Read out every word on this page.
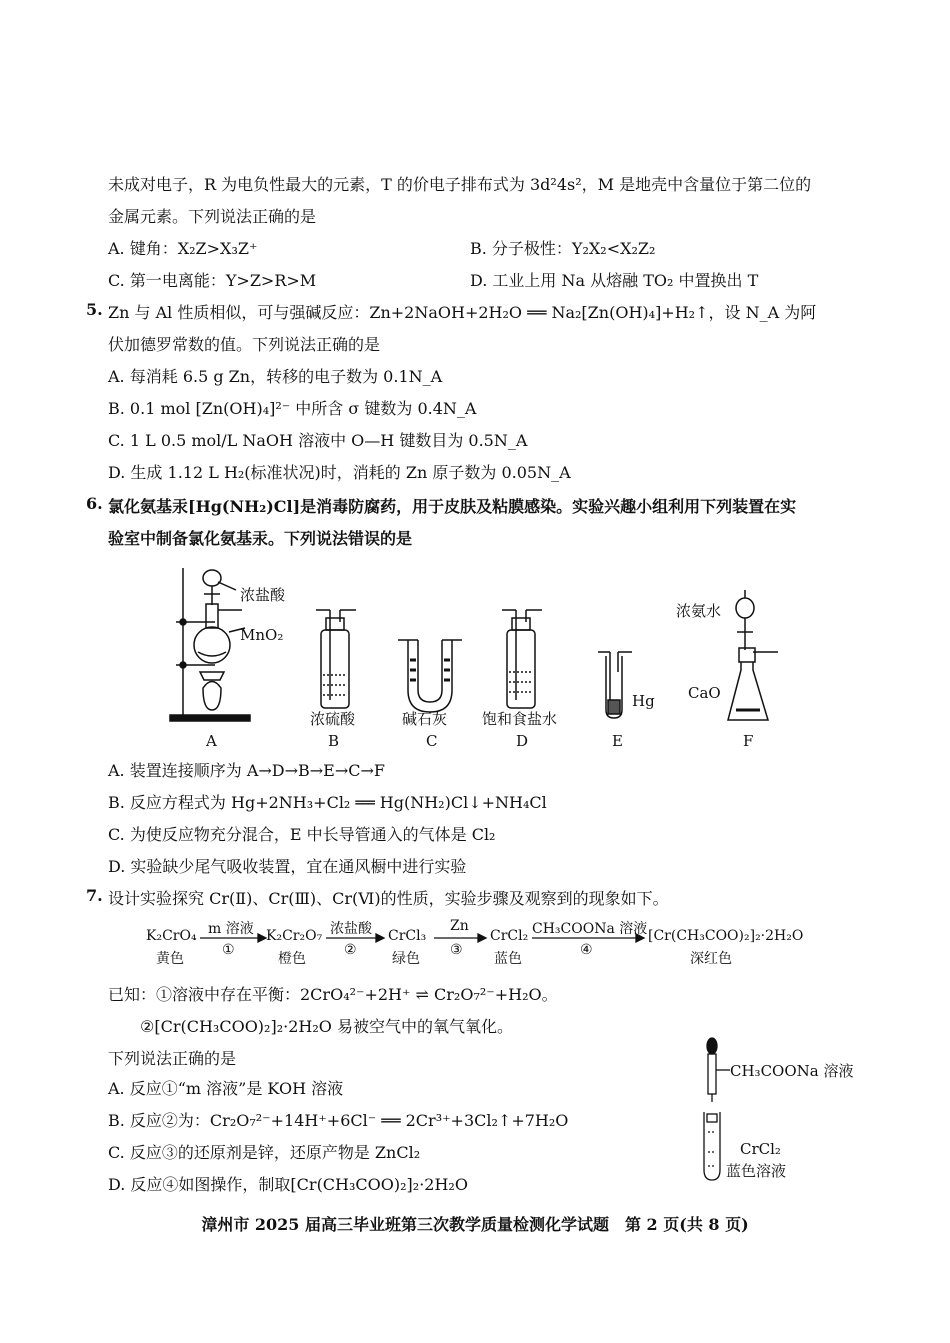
未成对电子，R 为电负性最大的元素，T 的价电子排布式为 3d²4s²，M 是地壳中含量位于第二位的
金属元素。下列说法正确的是
A. 键角：X₂Z>X₃Z⁺	B. 分子极性：Y₂X₂<X₂Z₂
C. 第一电离能：Y>Z>R>M	D. 工业上用 Na 从熔融 TO₂ 中置换出 T
5. Zn 与 Al 性质相似，可与强碱反应：Zn+2NaOH+2H₂O ══ Na₂[Zn(OH)₄]+H₂↑，设 N_A 为阿
伏加德罗常数的值。下列说法正确的是
A. 每消耗 6.5 g Zn，转移的电子数为 0.1N_A
B. 0.1 mol [Zn(OH)₄]²⁻ 中所含 σ 键数为 0.4N_A
C. 1 L 0.5 mol/L NaOH 溶液中 O—H 键数目为 0.5N_A
D. 生成 1.12 L H₂(标准状况)时，消耗的 Zn 原子数为 0.05N_A
6. 氯化氨基汞[Hg(NH₂)Cl]是消毒防腐药，用于皮肤及粘膜感染。实验兴趣小组利用下列装置在实
验室中制备氯化氨基汞。下列说法错误的是
浓盐酸
MnO₂
浓硫酸	碱石灰 饱和食盐水
Hg
浓氨水
CaO
A	B	C	D	E	F
A. 装置连接顺序为 A→D→B→E→C→F
B. 反应方程式为 Hg+2NH₃+Cl₂ ══ Hg(NH₂)Cl↓+NH₄Cl
C. 为使反应物充分混合，E 中长导管通入的气体是 Cl₂
D. 实验缺少尾气吸收装置，宜在通风橱中进行实验
7. 设计实验探究 Cr(Ⅱ)、Cr(Ⅲ)、Cr(Ⅵ)的性质，实验步骤及观察到的现象如下。
K₂CrO₄
黄色
m 溶液
①
K₂Cr₂O₇
橙色
浓盐酸
②
CrCl₃
绿色
Zn
③
CrCl₂
蓝色
CH₃COONa 溶液
④
[Cr(CH₃COO)₂]₂·2H₂O
深红色
已知：①溶液中存在平衡：2CrO₄²⁻+2H⁺ ⇌ Cr₂O₇²⁻+H₂O。
②[Cr(CH₃COO)₂]₂·2H₂O 易被空气中的氧气氧化。
下列说法正确的是
A. 反应①“m 溶液”是 KOH 溶液
B. 反应②为：Cr₂O₇²⁻+14H⁺+6Cl⁻ ══ 2Cr³⁺+3Cl₂↑+7H₂O
C. 反应③的还原剂是锌，还原产物是 ZnCl₂
D. 反应④如图操作，制取[Cr(CH₃COO)₂]₂·2H₂O
CH₃COONa 溶液
CrCl₂
蓝色溶液
漳州市 2025 届高三毕业班第三次教学质量检测化学试题　第 2 页(共 8 页)
